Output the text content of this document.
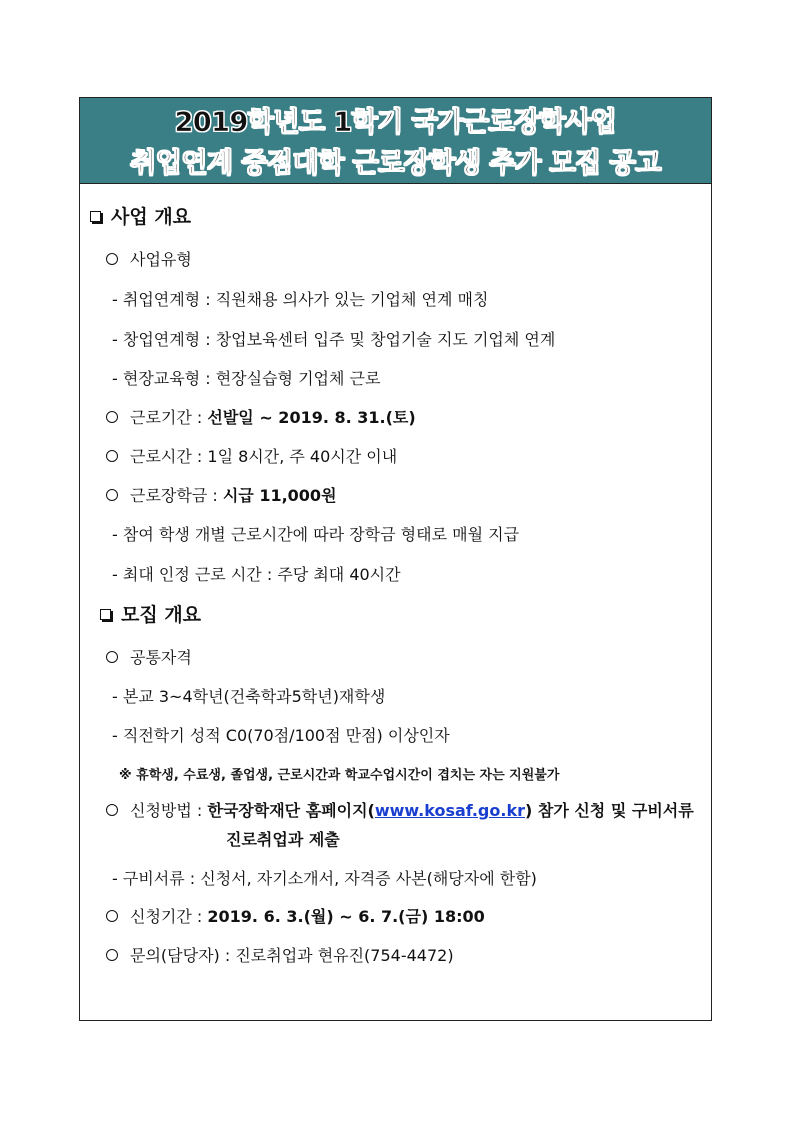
2019학년도 1학기 국가근로장학사업
취업연계 중점대학 근로장학생 추가 모집 공고
사업 개요
사업유형
- 취업연계형 : 직원채용 의사가 있는 기업체 연계 매칭
- 창업연계형 : 창업보육센터 입주 및 창업기술 지도 기업체 연계
- 현장교육형 : 현장실습형 기업체 근로
근로기간 : 선발일 ~ 2019. 8. 31.(토)
근로시간 : 1일 8시간, 주 40시간 이내
근로장학금 : 시급 11,000원
- 참여 학생 개별 근로시간에 따라 장학금 형태로 매월 지급
- 최대 인정 근로 시간 : 주당 최대 40시간
모집 개요
공통자격
- 본교 3~4학년(건축학과5학년)재학생
- 직전학기 성적 C0(70점/100점 만점) 이상인자
※ 휴학생, 수료생, 졸업생, 근로시간과 학교수업시간이 겹치는 자는 지원불가
신청방법 : 한국장학재단 홈페이지(www.kosaf.go.kr) 참가 신청 및 구비서류
진로취업과 제출
- 구비서류 : 신청서, 자기소개서, 자격증 사본(해당자에 한함)
신청기간 : 2019. 6. 3.(월) ~ 6. 7.(금) 18:00
문의(담당자) : 진로취업과 현유진(754-4472)
